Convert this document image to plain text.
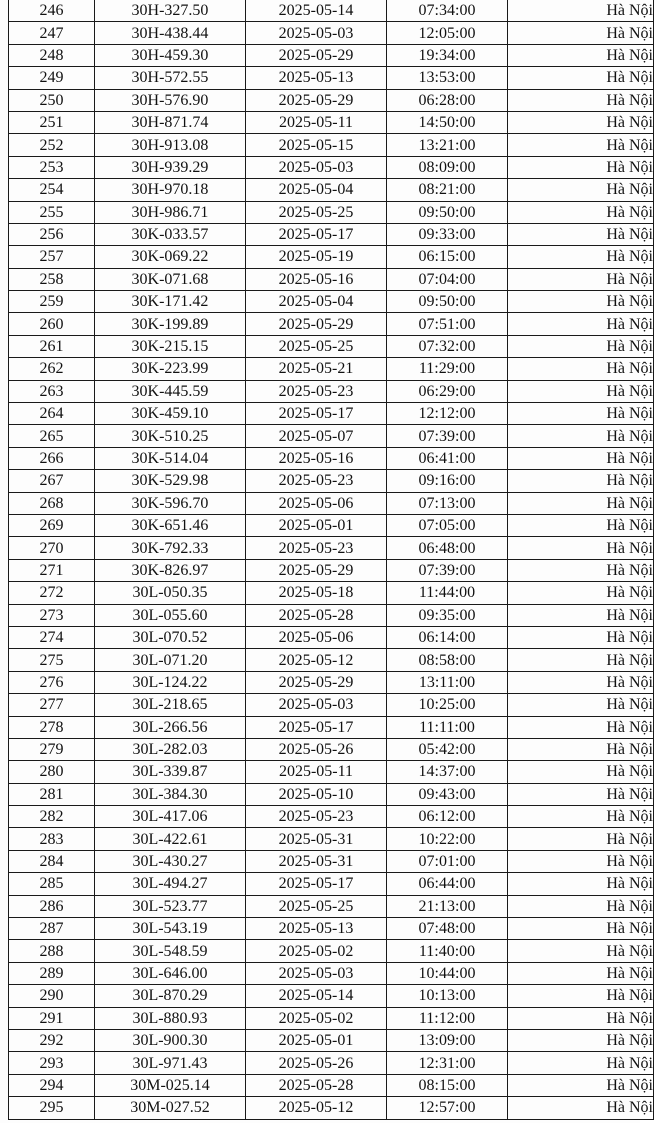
246	30H-327.50	2025-05-14	07:34:00	Hà Nội
247	30H-438.44	2025-05-03	12:05:00	Hà Nội
248	30H-459.30	2025-05-29	19:34:00	Hà Nội
249	30H-572.55	2025-05-13	13:53:00	Hà Nội
250	30H-576.90	2025-05-29	06:28:00	Hà Nội
251	30H-871.74	2025-05-11	14:50:00	Hà Nội
252	30H-913.08	2025-05-15	13:21:00	Hà Nội
253	30H-939.29	2025-05-03	08:09:00	Hà Nội
254	30H-970.18	2025-05-04	08:21:00	Hà Nội
255	30H-986.71	2025-05-25	09:50:00	Hà Nội
256	30K-033.57	2025-05-17	09:33:00	Hà Nội
257	30K-069.22	2025-05-19	06:15:00	Hà Nội
258	30K-071.68	2025-05-16	07:04:00	Hà Nội
259	30K-171.42	2025-05-04	09:50:00	Hà Nội
260	30K-199.89	2025-05-29	07:51:00	Hà Nội
261	30K-215.15	2025-05-25	07:32:00	Hà Nội
262	30K-223.99	2025-05-21	11:29:00	Hà Nội
263	30K-445.59	2025-05-23	06:29:00	Hà Nội
264	30K-459.10	2025-05-17	12:12:00	Hà Nội
265	30K-510.25	2025-05-07	07:39:00	Hà Nội
266	30K-514.04	2025-05-16	06:41:00	Hà Nội
267	30K-529.98	2025-05-23	09:16:00	Hà Nội
268	30K-596.70	2025-05-06	07:13:00	Hà Nội
269	30K-651.46	2025-05-01	07:05:00	Hà Nội
270	30K-792.33	2025-05-23	06:48:00	Hà Nội
271	30K-826.97	2025-05-29	07:39:00	Hà Nội
272	30L-050.35	2025-05-18	11:44:00	Hà Nội
273	30L-055.60	2025-05-28	09:35:00	Hà Nội
274	30L-070.52	2025-05-06	06:14:00	Hà Nội
275	30L-071.20	2025-05-12	08:58:00	Hà Nội
276	30L-124.22	2025-05-29	13:11:00	Hà Nội
277	30L-218.65	2025-05-03	10:25:00	Hà Nội
278	30L-266.56	2025-05-17	11:11:00	Hà Nội
279	30L-282.03	2025-05-26	05:42:00	Hà Nội
280	30L-339.87	2025-05-11	14:37:00	Hà Nội
281	30L-384.30	2025-05-10	09:43:00	Hà Nội
282	30L-417.06	2025-05-23	06:12:00	Hà Nội
283	30L-422.61	2025-05-31	10:22:00	Hà Nội
284	30L-430.27	2025-05-31	07:01:00	Hà Nội
285	30L-494.27	2025-05-17	06:44:00	Hà Nội
286	30L-523.77	2025-05-25	21:13:00	Hà Nội
287	30L-543.19	2025-05-13	07:48:00	Hà Nội
288	30L-548.59	2025-05-02	11:40:00	Hà Nội
289	30L-646.00	2025-05-03	10:44:00	Hà Nội
290	30L-870.29	2025-05-14	10:13:00	Hà Nội
291	30L-880.93	2025-05-02	11:12:00	Hà Nội
292	30L-900.30	2025-05-01	13:09:00	Hà Nội
293	30L-971.43	2025-05-26	12:31:00	Hà Nội
294	30M-025.14	2025-05-28	08:15:00	Hà Nội
295	30M-027.52	2025-05-12	12:57:00	Hà Nội
